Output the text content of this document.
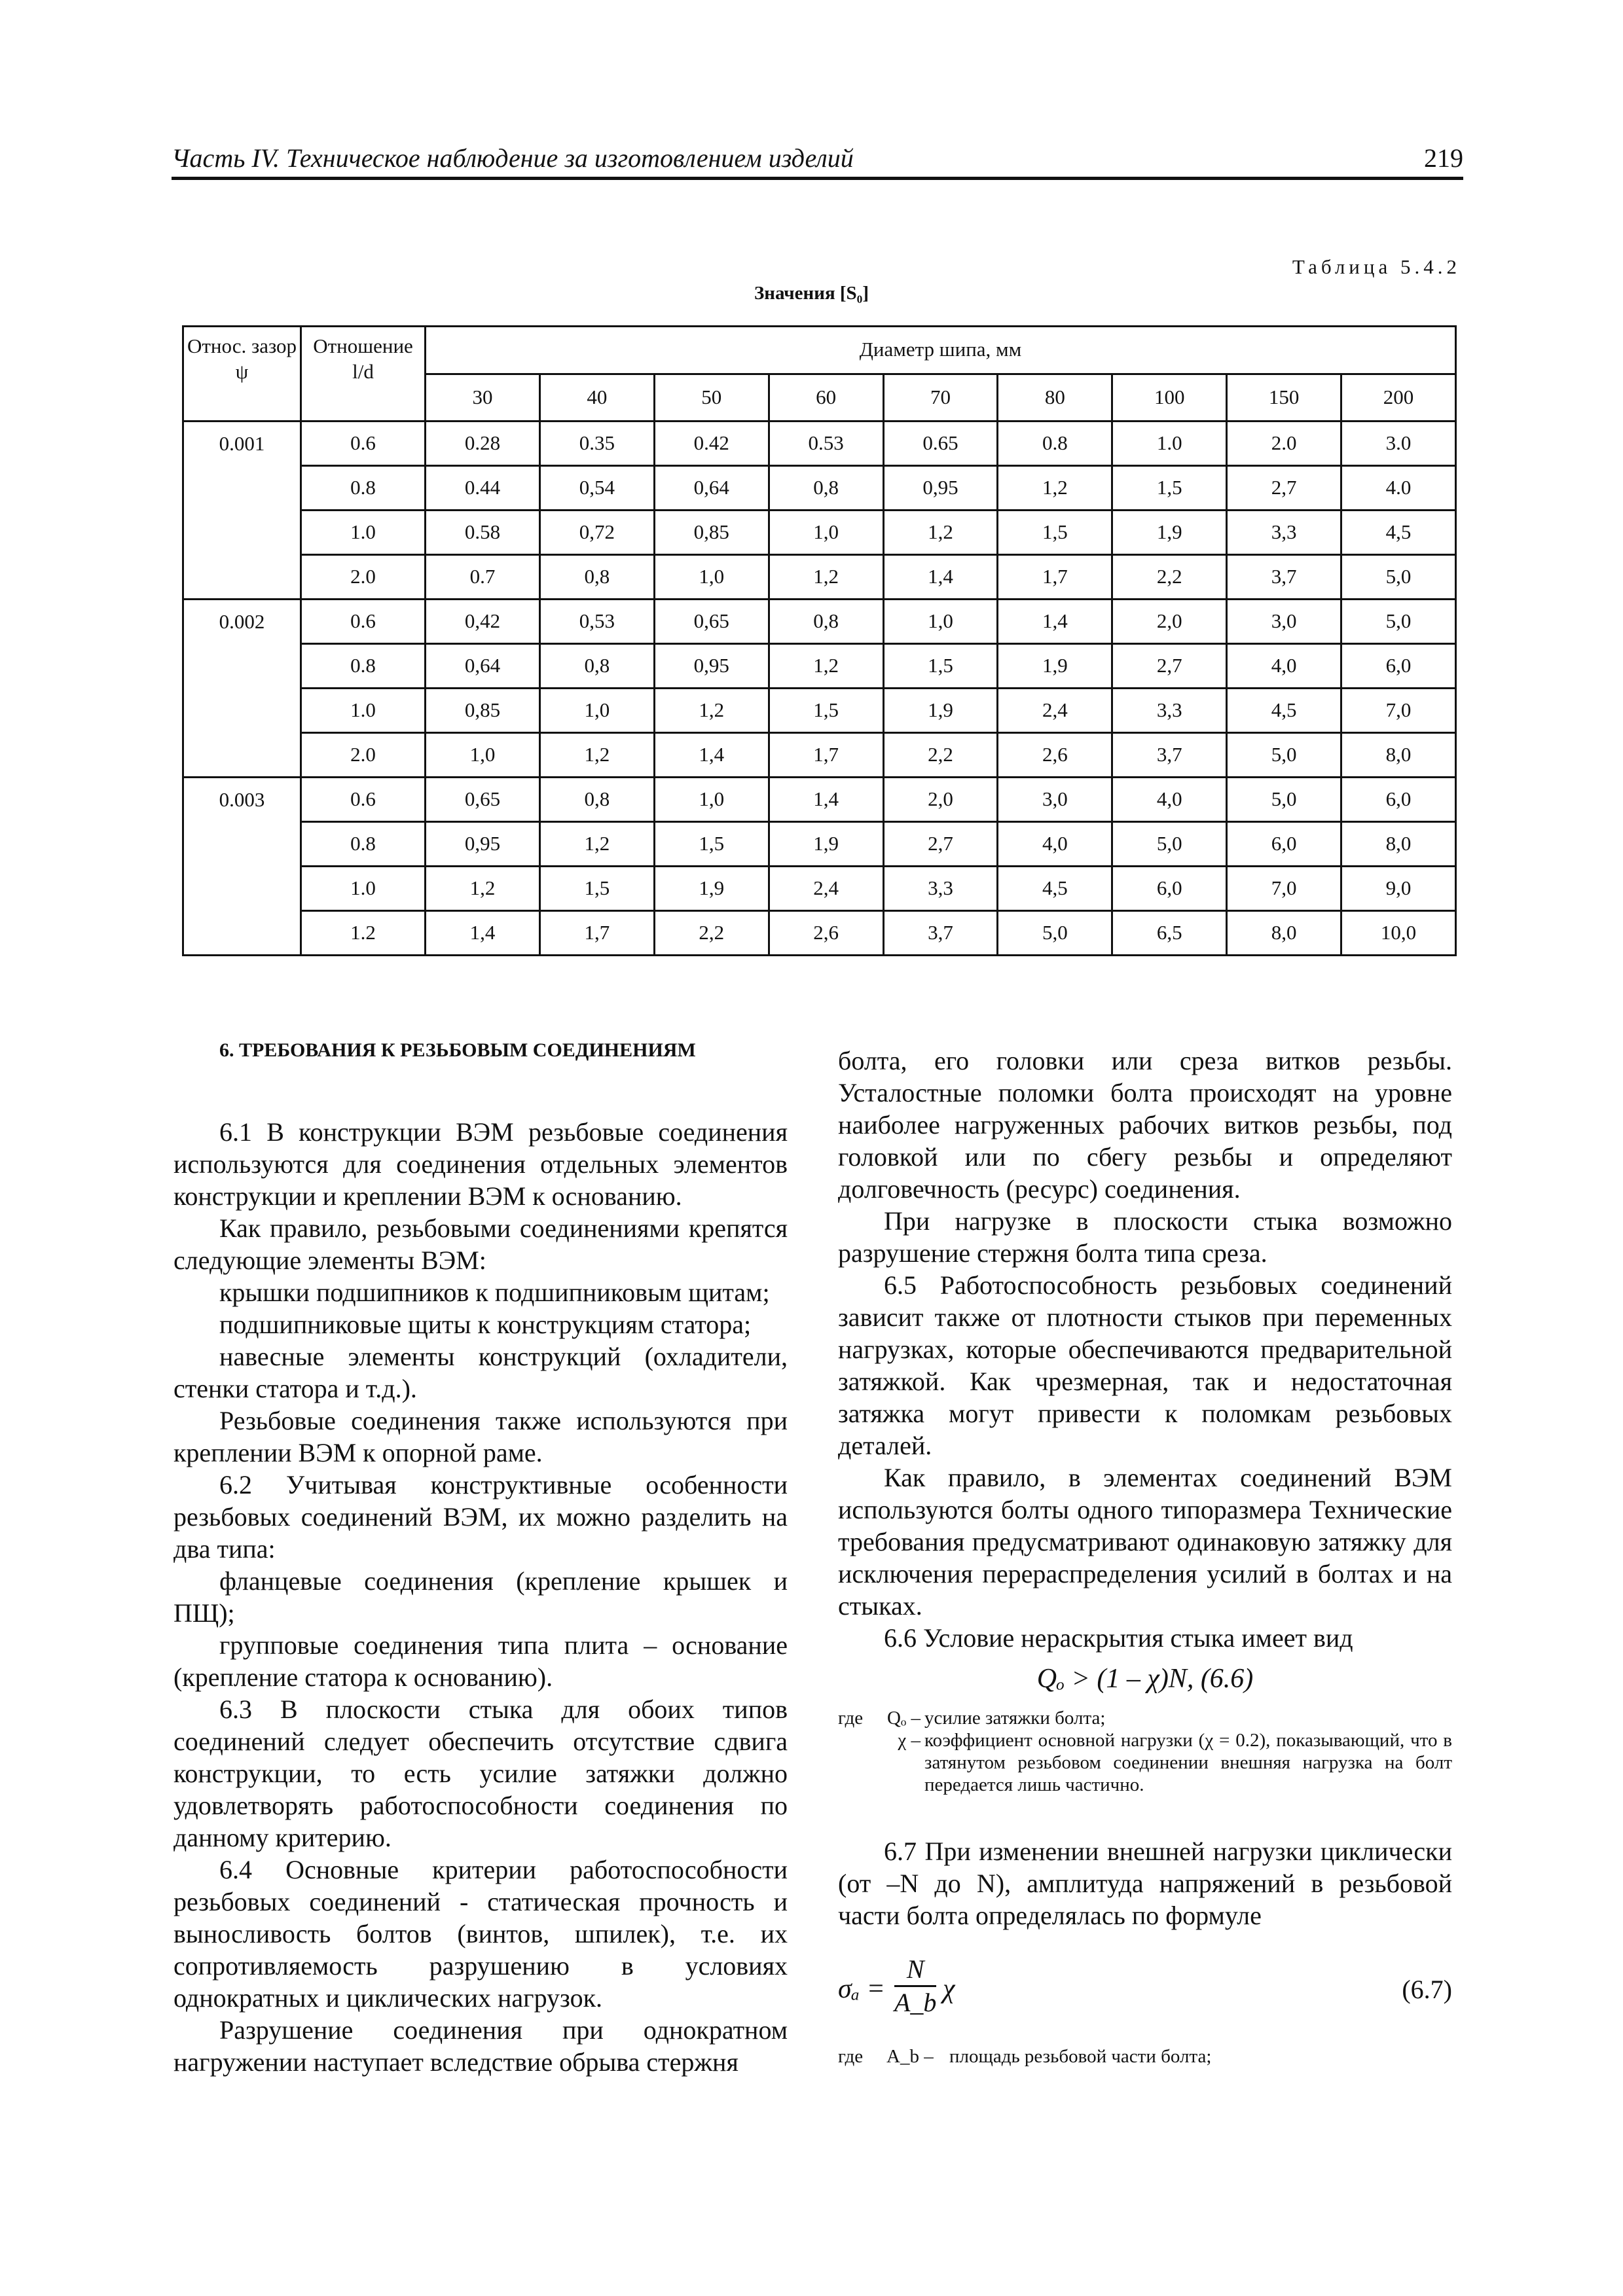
Часть IV. Техническое наблюдение за изготовлением изделий	219
Таблица 5.4.2
Значения [S₀]
Относ. зазор ψ	Отношение l/d	Диаметр шипа, мм								
		30	40	50	60	70	80	100	150	200
0.001	0.6	0.28	0.35	0.42	0.53	0.65	0.8	1.0	2.0	3.0
	0.8	0.44	0,54	0,64	0,8	0,95	1,2	1,5	2,7	4.0
	1.0	0.58	0,72	0,85	1,0	1,2	1,5	1,9	3,3	4,5
	2.0	0.7	0,8	1,0	1,2	1,4	1,7	2,2	3,7	5,0
0.002	0.6	0,42	0,53	0,65	0,8	1,0	1,4	2,0	3,0	5,0
	0.8	0,64	0,8	0,95	1,2	1,5	1,9	2,7	4,0	6,0
	1.0	0,85	1,0	1,2	1,5	1,9	2,4	3,3	4,5	7,0
	2.0	1,0	1,2	1,4	1,7	2,2	2,6	3,7	5,0	8,0
0.003	0.6	0,65	0,8	1,0	1,4	2,0	3,0	4,0	5,0	6,0
	0.8	0,95	1,2	1,5	1,9	2,7	4,0	5,0	6,0	8,0
	1.0	1,2	1,5	1,9	2,4	3,3	4,5	6,0	7,0	9,0
	1.2	1,4	1,7	2,2	2,6	3,7	5,0	6,5	8,0	10,0

6. ТРЕБОВАНИЯ К РЕЗЬБОВЫМ СОЕДИНЕНИЯМ

6.1 В конструкции ВЭМ резьбовые соединения используются для соединения отдельных элементов конструкции и креплении ВЭМ к основанию.

Как правило, резьбовыми соединениями крепятся следующие элементы ВЭМ:

крышки подшипников к подшипниковым щитам;

подшипниковые щиты к конструкциям статора;

навесные элементы конструкций (охладители, стенки статора и т.д.).

Резьбовые соединения также используются при креплении ВЭМ к опорной раме.

6.2 Учитывая конструктивные особенности резьбовых соединений ВЭМ, их можно разделить на два типа:

фланцевые соединения (крепление крышек и ПЩ);

групповые соединения типа плита – основание (крепление статора к основанию).

6.3 В плоскости стыка для обоих типов соединений следует обеспечить отсутствие сдвига конструкции, то есть усилие затяжки должно удовлетворять работоспособности соединения по данному критерию.

6.4 Основные критерии работоспособности резьбовых соединений - статическая прочность и выносливость болтов (винтов, шпилек), т.е. их сопротивляемость разрушению в условиях однократных и циклических нагрузок.

Разрушение соединения при однократном нагружении наступает вследствие обрыва стержня

болта, его головки или среза витков резьбы. Усталостные поломки болта происходят на уровне наиболее нагруженных рабочих витков резьбы, под головкой или по сбегу резьбы и определяют долговечность (ресурс) соединения.

При нагрузке в плоскости стыка возможно разрушение стержня болта типа среза.

6.5 Работоспособность резьбовых соединений зависит также от плотности стыков при переменных нагрузках, которые обеспечиваются предварительной затяжкой. Как чрезмерная, так и недостаточная затяжка могут привести к поломкам резьбовых деталей.

Как правило, в элементах соединений ВЭМ используются болты одного типоразмера Технические требования предусматривают одинаковую затяжку для исключения перераспределения усилий в болтах и на стыках.

6.6 Условие нераскрытия стыка имеет вид

Qₒ > (1 – χ)N, (6.6)

где	Qₒ – усилие затяжки болта;
χ – коэффициент основной нагрузки (χ = 0.2), показывающий, что в затянутом резьбовом соединении внешняя нагрузка на болт передается лишь частично.

6.7 При изменении внешней нагрузки циклически (от –N до N), амплитуда напряжений в резьбовой части болта определялась по формуле

$\sigma_a = \frac{N}{A\_b}$ χ	(6.7)
где	A_b – площадь резьбовой части болта;
